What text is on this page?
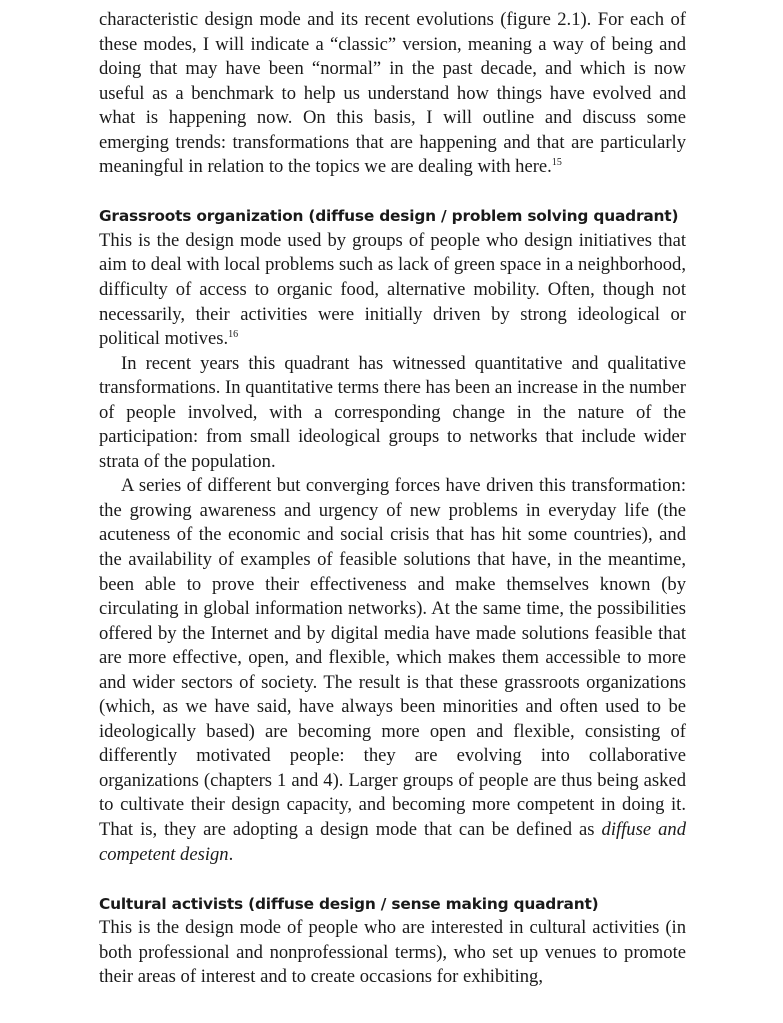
characteristic design mode and its recent evolutions (figure 2.1). For each of these modes, I will indicate a “classic” version, meaning a way of being and doing that may have been “normal” in the past decade, and which is now useful as a benchmark to help us understand how things have evolved and what is happening now. On this basis, I will outline and discuss some emerging trends: transformations that are happening and that are particularly meaningful in relation to the topics we are dealing with here.$^{15}$

Grassroots organization (diffuse design / problem solving quadrant)

This is the design mode used by groups of people who design initiatives that aim to deal with local problems such as lack of green space in a neighborhood, difficulty of access to organic food, alternative mobility. Often, though not necessarily, their activities were initially driven by strong ideological or political motives.$^{16}$

In recent years this quadrant has witnessed quantitative and qualitative transformations. In quantitative terms there has been an increase in the number of people involved, with a corresponding change in the nature of the participation: from small ideological groups to networks that include wider strata of the population.

A series of different but converging forces have driven this transformation: the growing awareness and urgency of new problems in everyday life (the acuteness of the economic and social crisis that has hit some countries), and the availability of examples of feasible solutions that have, in the meantime, been able to prove their effectiveness and make themselves known (by circulating in global information networks). At the same time, the possibilities offered by the Internet and by digital media have made solutions feasible that are more effective, open, and flexible, which makes them accessible to more and wider sectors of society. The result is that these grassroots organizations (which, as we have said, have always been minorities and often used to be ideologically based) are becoming more open and flexible, consisting of differently motivated people: they are evolving into collaborative organizations (chapters 1 and 4). Larger groups of people are thus being asked to cultivate their design capacity, and becoming more competent in doing it. That is, they are adopting a design mode that can be defined as diffuse and competent design.

Cultural activists (diffuse design / sense making quadrant)

This is the design mode of people who are interested in cultural activities (in both professional and nonprofessional terms), who set up venues to promote their areas of interest and to create occasions for exhibiting,
